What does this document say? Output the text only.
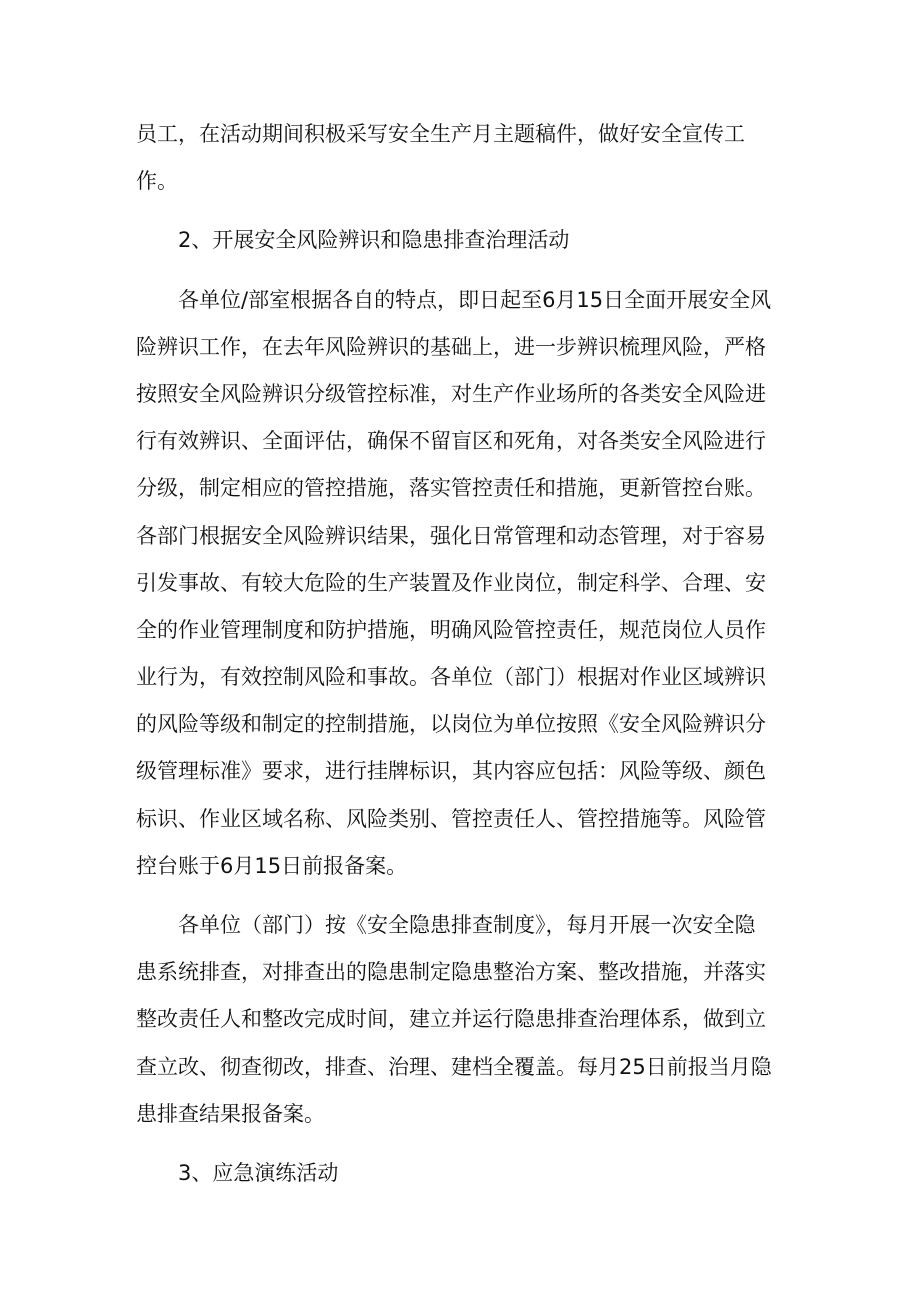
员工，在活动期间积极采写安全生产月主题稿件，做好安全宣传工
作。
2、开展安全风险辨识和隐患排查治理活动
各单位/部室根据各自的特点，即日起至6月15日全面开展安全风
险辨识工作，在去年风险辨识的基础上，进一步辨识梳理风险，严格
按照安全风险辨识分级管控标准，对生产作业场所的各类安全风险进
行有效辨识、全面评估，确保不留盲区和死角，对各类安全风险进行
分级，制定相应的管控措施，落实管控责任和措施，更新管控台账。
各部门根据安全风险辨识结果，强化日常管理和动态管理，对于容易
引发事故、有较大危险的生产装置及作业岗位，制定科学、合理、安
全的作业管理制度和防护措施，明确风险管控责任，规范岗位人员作
业行为，有效控制风险和事故。各单位（部门）根据对作业区域辨识
的风险等级和制定的控制措施，以岗位为单位按照《安全风险辨识分
级管理标准》要求，进行挂牌标识，其内容应包括：风险等级、颜色
标识、作业区域名称、风险类别、管控责任人、管控措施等。风险管
控台账于6月15日前报备案。
各单位（部门）按《安全隐患排查制度》，每月开展一次安全隐
患系统排查，对排查出的隐患制定隐患整治方案、整改措施，并落实
整改责任人和整改完成时间，建立并运行隐患排查治理体系，做到立
查立改、彻查彻改，排查、治理、建档全覆盖。每月25日前报当月隐
患排查结果报备案。
3、应急演练活动
